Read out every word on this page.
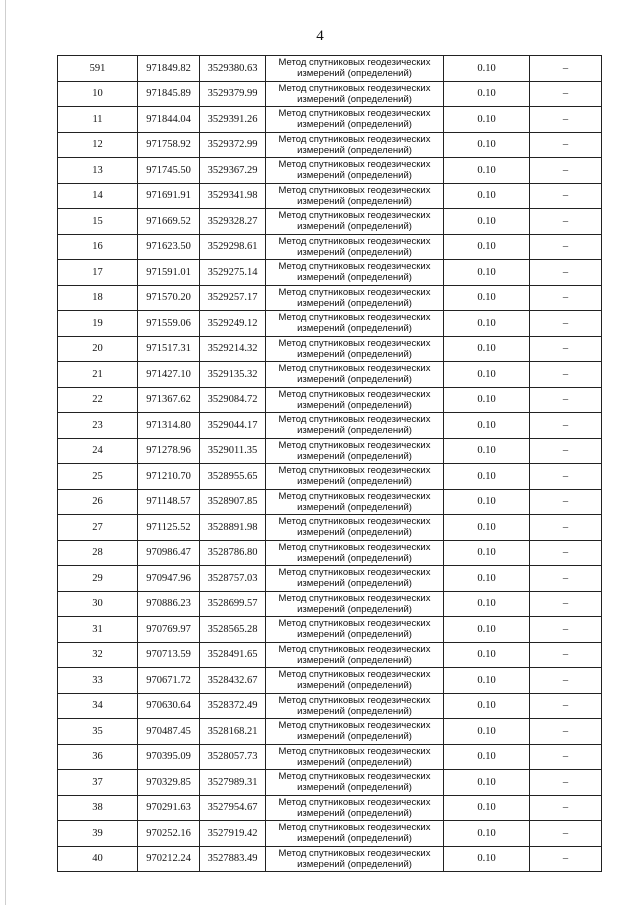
4
591	971849.82	3529380.63	Метод спутниковых геодезических
измерений (определений)	0.10	–
10	971845.89	3529379.99	Метод спутниковых геодезических
измерений (определений)	0.10	–
11	971844.04	3529391.26	Метод спутниковых геодезических
измерений (определений)	0.10	–
12	971758.92	3529372.99	Метод спутниковых геодезических
измерений (определений)	0.10	–
13	971745.50	3529367.29	Метод спутниковых геодезических
измерений (определений)	0.10	–
14	971691.91	3529341.98	Метод спутниковых геодезических
измерений (определений)	0.10	–
15	971669.52	3529328.27	Метод спутниковых геодезических
измерений (определений)	0.10	–
16	971623.50	3529298.61	Метод спутниковых геодезических
измерений (определений)	0.10	–
17	971591.01	3529275.14	Метод спутниковых геодезических
измерений (определений)	0.10	–
18	971570.20	3529257.17	Метод спутниковых геодезических
измерений (определений)	0.10	–
19	971559.06	3529249.12	Метод спутниковых геодезических
измерений (определений)	0.10	–
20	971517.31	3529214.32	Метод спутниковых геодезических
измерений (определений)	0.10	–
21	971427.10	3529135.32	Метод спутниковых геодезических
измерений (определений)	0.10	–
22	971367.62	3529084.72	Метод спутниковых геодезических
измерений (определений)	0.10	–
23	971314.80	3529044.17	Метод спутниковых геодезических
измерений (определений)	0.10	–
24	971278.96	3529011.35	Метод спутниковых геодезических
измерений (определений)	0.10	–
25	971210.70	3528955.65	Метод спутниковых геодезических
измерений (определений)	0.10	–
26	971148.57	3528907.85	Метод спутниковых геодезических
измерений (определений)	0.10	–
27	971125.52	3528891.98	Метод спутниковых геодезических
измерений (определений)	0.10	–
28	970986.47	3528786.80	Метод спутниковых геодезических
измерений (определений)	0.10	–
29	970947.96	3528757.03	Метод спутниковых геодезических
измерений (определений)	0.10	–
30	970886.23	3528699.57	Метод спутниковых геодезических
измерений (определений)	0.10	–
31	970769.97	3528565.28	Метод спутниковых геодезических
измерений (определений)	0.10	–
32	970713.59	3528491.65	Метод спутниковых геодезических
измерений (определений)	0.10	–
33	970671.72	3528432.67	Метод спутниковых геодезических
измерений (определений)	0.10	–
34	970630.64	3528372.49	Метод спутниковых геодезических
измерений (определений)	0.10	–
35	970487.45	3528168.21	Метод спутниковых геодезических
измерений (определений)	0.10	–
36	970395.09	3528057.73	Метод спутниковых геодезических
измерений (определений)	0.10	–
37	970329.85	3527989.31	Метод спутниковых геодезических
измерений (определений)	0.10	–
38	970291.63	3527954.67	Метод спутниковых геодезических
измерений (определений)	0.10	–
39	970252.16	3527919.42	Метод спутниковых геодезических
измерений (определений)	0.10	–
40	970212.24	3527883.49	Метод спутниковых геодезических
измерений (определений)	0.10	–
